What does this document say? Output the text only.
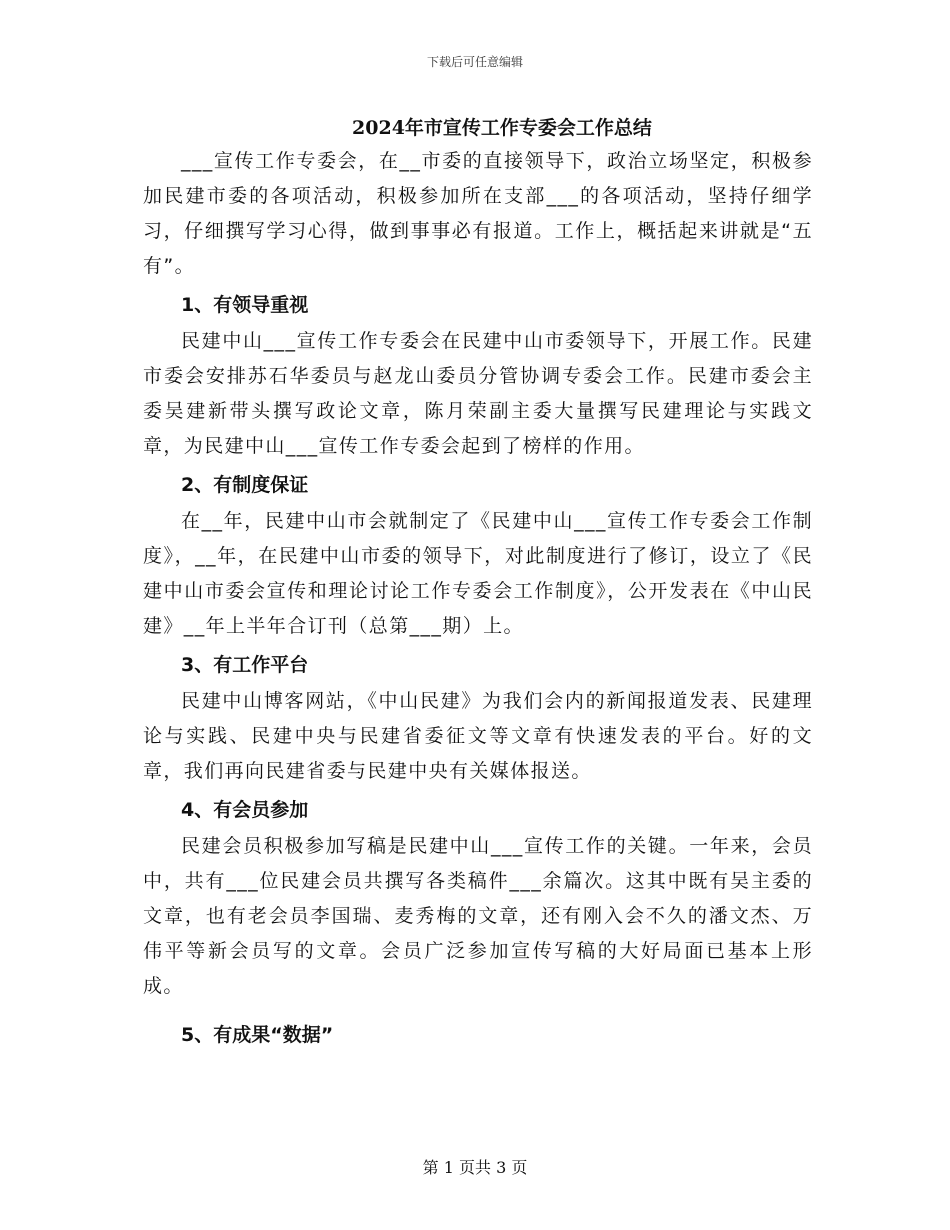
下载后可任意编辑
2024年市宣传工作专委会工作总结

___宣传工作专委会，在__市委的直接领导下，政治立场坚定，积极参加民建市委的各项活动，积极参加所在支部___的各项活动，坚持仔细学习，仔细撰写学习心得，做到事事必有报道。工作上，概括起来讲就是“五有”。

1、有领导重视

民建中山___宣传工作专委会在民建中山市委领导下，开展工作。民建市委会安排苏石华委员与赵龙山委员分管协调专委会工作。民建市委会主委吴建新带头撰写政论文章，陈月荣副主委大量撰写民建理论与实践文章，为民建中山___宣传工作专委会起到了榜样的作用。

2、有制度保证

在__年，民建中山市会就制定了《民建中山___宣传工作专委会工作制度》，__年，在民建中山市委的领导下，对此制度进行了修订，设立了《民建中山市委会宣传和理论讨论工作专委会工作制度》，公开发表在《中山民建》__年上半年合订刊（总第___期）上。

3、有工作平台

民建中山博客网站，《中山民建》为我们会内的新闻报道发表、民建理论与实践、民建中央与民建省委征文等文章有快速发表的平台。好的文章，我们再向民建省委与民建中央有关媒体报送。

4、有会员参加

民建会员积极参加写稿是民建中山___宣传工作的关键。一年来，会员中，共有___位民建会员共撰写各类稿件___余篇次。这其中既有吴主委的文章，也有老会员李国瑞、麦秀梅的文章，还有刚入会不久的潘文杰、万伟平等新会员写的文章。会员广泛参加宣传写稿的大好局面已基本上形成。

5、有成果“数据”
第 1 页共 3 页
